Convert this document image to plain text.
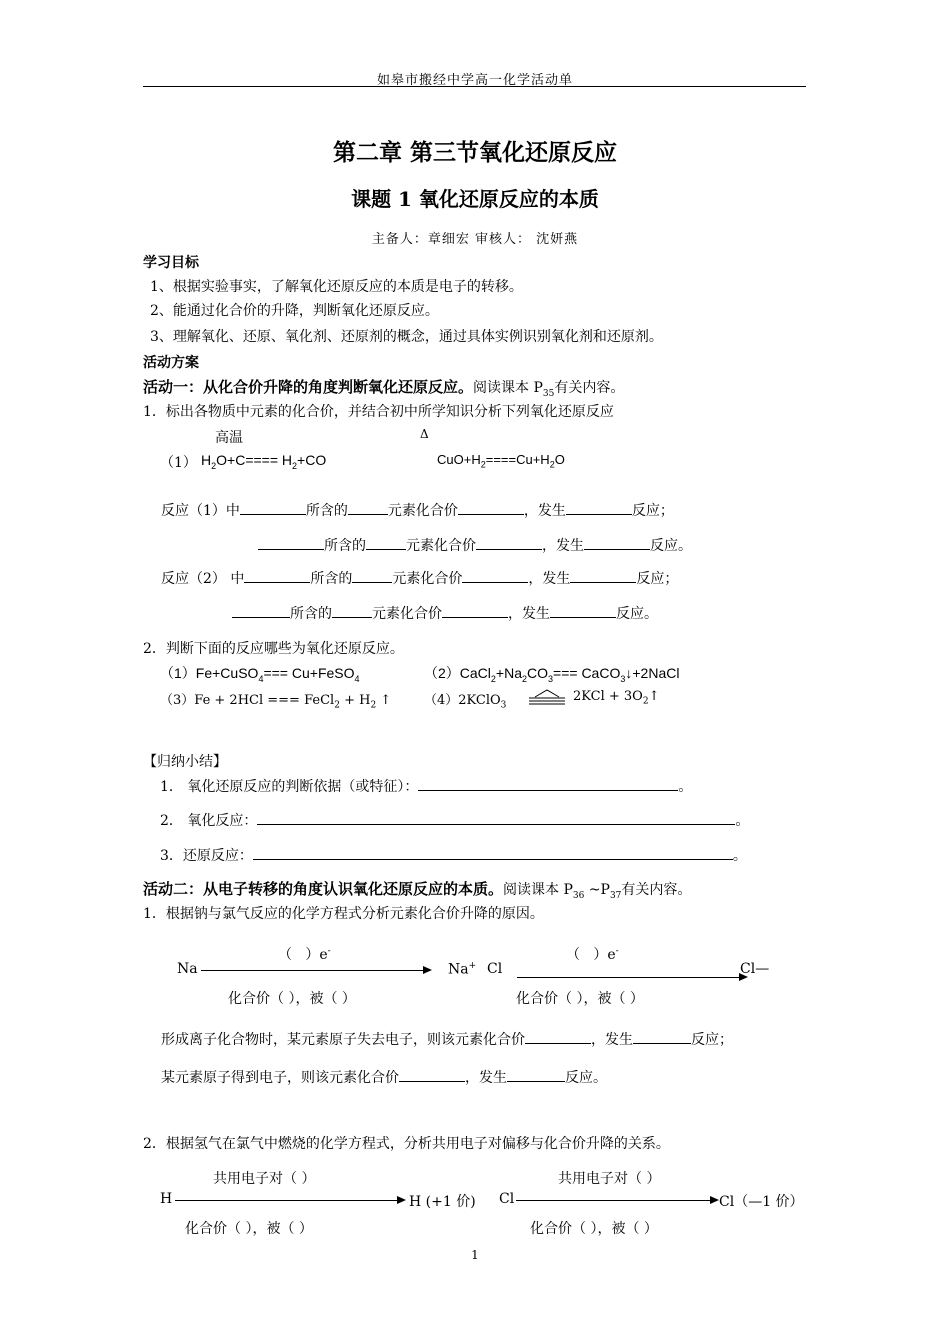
如皋市搬经中学高一化学活动单
第二章 第三节氧化还原反应
课题 1 氧化还原反应的本质
主备人：章细宏 审核人： 沈妍燕
学习目标
1、根据实验事实，了解氧化还原反应的本质是电子的转移。
2、能通过化合价的升降，判断氧化还原反应。
3、理解氧化、还原、氧化剂、还原剂的概念，通过具体实例识别氧化剂和还原剂。
活动方案
活动一：从化合价升降的角度判断氧化还原反应。阅读课本 $P_{35}$有关内容。
1．标出各物质中元素的化合价，并结合初中所学知识分析下列氧化还原反应
高温	Δ
（1） $H_2O+C==== H_2+CO$	$CuO+H_2====Cu+H_2O$
反应（1）中	所含的	元素化合价	，发生	反应；
所含的	元素化合价	，发生	反应。
反应（2） 中	所含的	元素化合价	，发生	反应；
所含的	元素化合价	，发生	反应。
2．判断下面的反应哪些为氧化还原反应。
（1）Fe+CuSO$_4$=== Cu+FeSO$_4$	$(2)CaCl_2+Na_2CO_3===$ CaCO$_3$↓+2NaCl
（3）Fe + 2HCl === FeCl$_2$ + $H_2$ ↑	（4）2KClO$_3$
$2KCl + 3O_2↑$
【归纳小结】
1． 氧化还原反应的判断依据（或特征）：	。
2． 氧化反应：	。
3．还原反应：	。
活动二：从电子转移的角度认识氧化还原反应的本质。阅读课本 $P_{36}$ $\sim P_{37}$有关内容。
1．根据钠与氯气反应的化学方程式分析元素化合价升降的原因。
（   ）e-
Na	Na+ Cl
（   ）e-
Cl—
化合价（ ），被（ ）	化合价（ ），被（ ）
形成离子化合物时，某元素原子失去电子，则该元素化合价	，发生	反应；
某元素原子得到电子，则该元素化合价	，发生	反应。
2．根据氢气在氯气中燃烧的化学方程式，分析共用电子对偏移与化合价升降的关系。
共用电子对（ ）	共用电子对（ ）
H	H (+1 价) Cl	Cl（—1 价）
化合价（ ），被（ ）	化合价（ ），被（ ）
1
